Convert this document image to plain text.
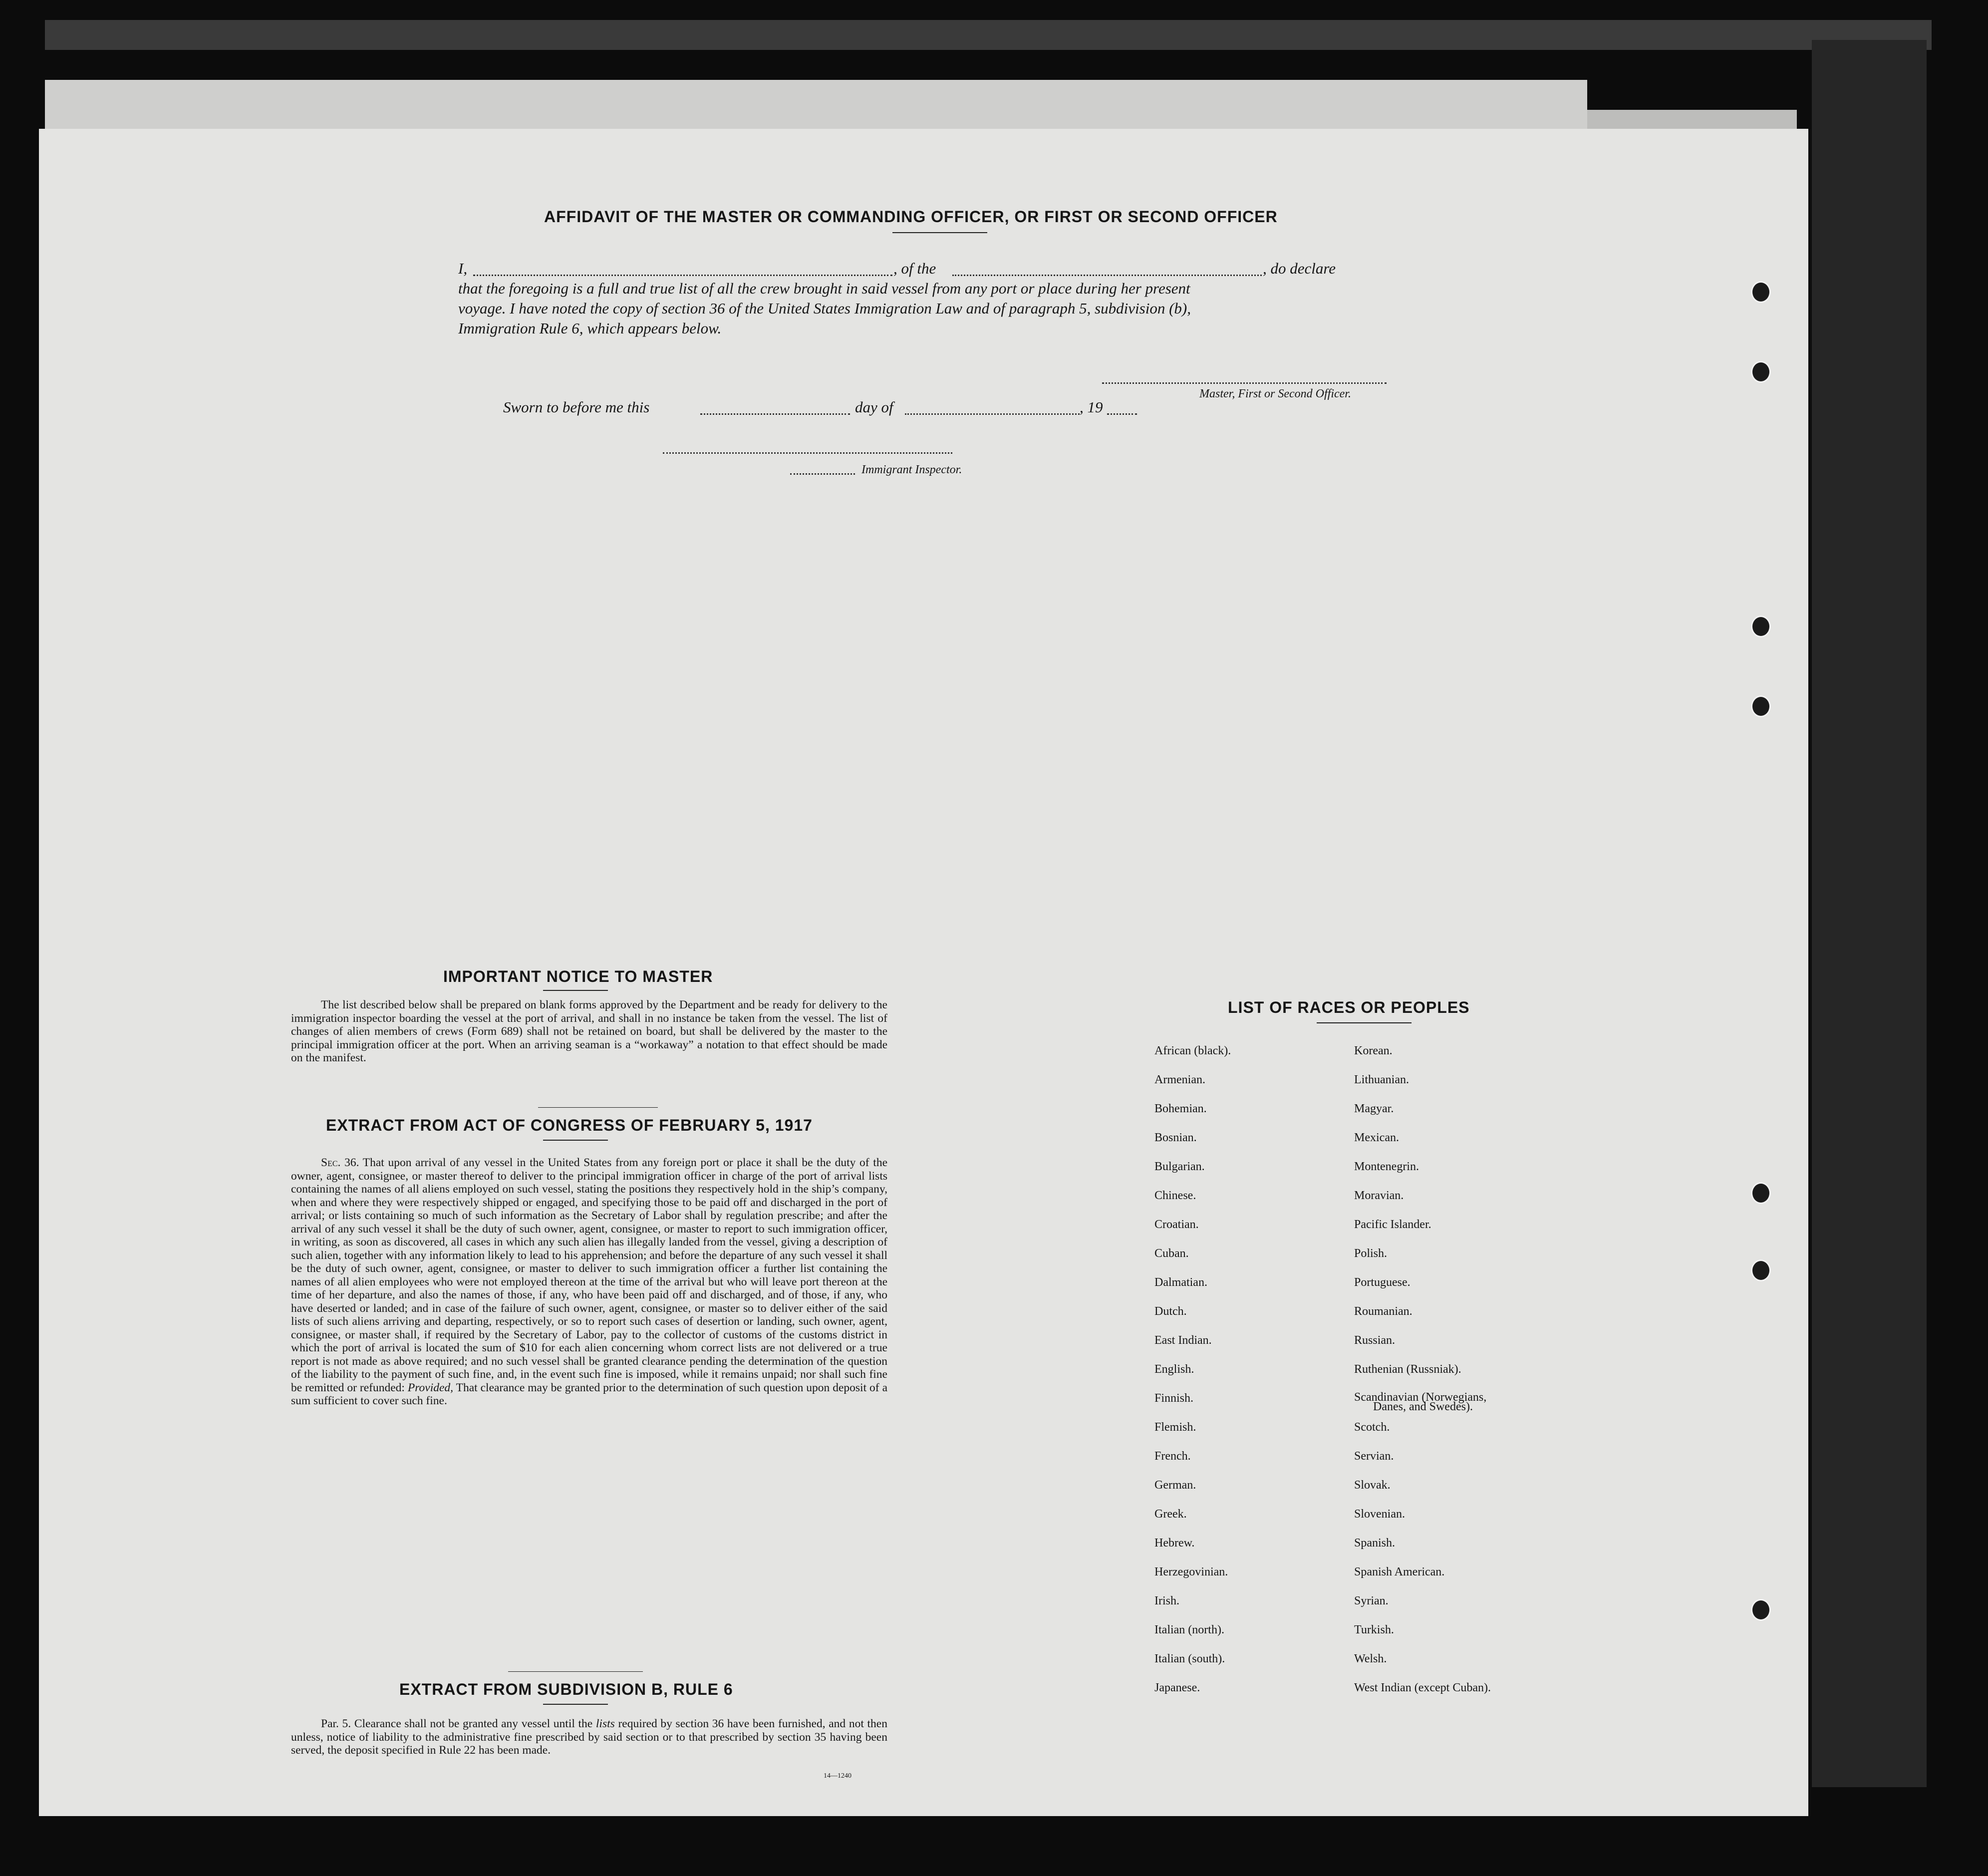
AFFIDAVIT OF THE MASTER OR COMMANDING OFFICER, OR FIRST OR SECOND OFFICER
I,	, of the	, do declare
that the foregoing is a full and true list of all the crew brought in said vessel from any port or place during her present
voyage. I have noted the copy of section 36 of the United States Immigration Law and of paragraph 5, subdivision (b),
Immigration Rule 6, which appears below.
Master, First or Second Officer.
Sworn to before me this	day of	, 19
Immigrant Inspector.
IMPORTANT NOTICE TO MASTER

The list described below shall be prepared on blank forms approved by the Department and be ready for delivery to the immigration inspector boarding the vessel at the port of arrival, and shall in no instance be taken from the vessel. The list of changes of alien members of crews (Form 689) shall not be retained on board, but shall be delivered by the master to the principal immigration officer at the port. When an arriving seaman is a “workaway” a notation to that effect should be made on the manifest.

EXTRACT FROM ACT OF CONGRESS OF FEBRUARY 5, 1917

Sec. 36. That upon arrival of any vessel in the United States from any foreign port or place it shall be the duty of the owner, agent, consignee, or master thereof to deliver to the principal immigration officer in charge of the port of arrival lists containing the names of all aliens employed on such vessel, stating the positions they respectively hold in the ship’s company, when and where they were respectively shipped or engaged, and specifying those to be paid off and discharged in the port of arrival; or lists containing so much of such information as the Secretary of Labor shall by regulation prescribe; and after the arrival of any such vessel it shall be the duty of such owner, agent, consignee, or master to report to such immigration officer, in writing, as soon as discovered, all cases in which any such alien has illegally landed from the vessel, giving a description of such alien, together with any information likely to lead to his apprehension; and before the departure of any such vessel it shall be the duty of such owner, agent, consignee, or master to deliver to such immigration officer a further list containing the names of all alien employees who were not employed thereon at the time of the arrival but who will leave port thereon at the time of her departure, and also the names of those, if any, who have been paid off and discharged, and of those, if any, who have deserted or landed; and in case of the failure of such owner, agent, consignee, or master so to deliver either of the said lists of such aliens arriving and departing, respectively, or so to report such cases of desertion or landing, such owner, agent, consignee, or master shall, if required by the Secretary of Labor, pay to the collector of customs of the customs district in which the port of arrival is located the sum of $10 for each alien concerning whom correct lists are not delivered or a true report is not made as above required; and no such vessel shall be granted clearance pending the determination of the question of the liability to the payment of such fine, and, in the event such fine is imposed, while it remains unpaid; nor shall such fine be remitted or refunded: Provided, That clearance may be granted prior to the determination of such question upon deposit of a sum sufficient to cover such fine.

EXTRACT FROM SUBDIVISION B, RULE 6

Par. 5. Clearance shall not be granted any vessel until the lists required by section 36 have been furnished, and not then unless, notice of liability to the administrative fine prescribed by said section or to that prescribed by section 35 having been served, the deposit specified in Rule 22 has been made.

14—1240
LIST OF RACES OR PEOPLES
African (black).
Armenian.
Bohemian.
Bosnian.
Bulgarian.
Chinese.
Croatian.
Cuban.
Dalmatian.
Dutch.
East Indian.
English.
Finnish.
Flemish.
French.
German.
Greek.
Hebrew.
Herzegovinian.
Irish.
Italian (north).
Italian (south).
Japanese.
Korean.
Lithuanian.
Magyar.
Mexican.
Montenegrin.
Moravian.
Pacific Islander.
Polish.
Portuguese.
Roumanian.
Russian.
Ruthenian (Russniak).
Scandinavian (Norwegians,
Danes, and Swedes).
Scotch.
Servian.
Slovak.
Slovenian.
Spanish.
Spanish American.
Syrian.
Turkish.
Welsh.
West Indian (except Cuban).
